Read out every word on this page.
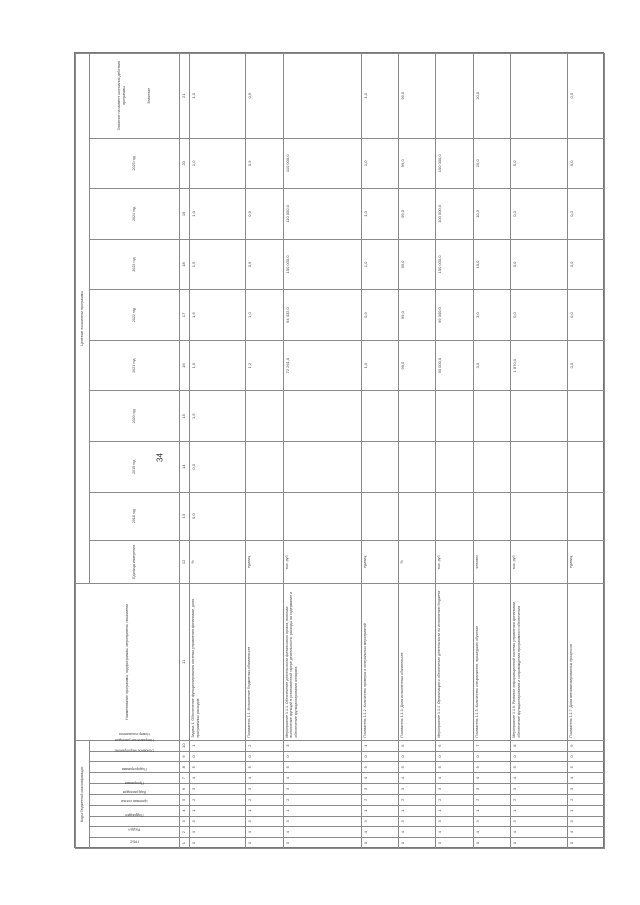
34
Коды бюджетной классификации										Наименование программы, подпрограммы, мероприятия, показатели	Целевые показатели программы									
ГРБС	Раздел	Подраздел	Целевая статья	Вид расходов	Программа	Подпрограмма	Основное мероприятие	Направление расходов	Номер показателя		Единица измерения	2018 год	2019 год	2020 год	2021 год	2022 год	2023 год	2024 год	2025 год	Значение на момент окончания действия программы Значение

1	2	3	4	5	6	7	8	9	10	11	12	13	14	15	16	17	18	19	20	21
0	4	3	1	2	3	4	5	0	1	Задача 1. Обеспечение функционирования системы управления финансами, доля программных расходов	%	0,0	0,0	1,5	1,5	1,6	1,5	1,0	1,0	1,0
0	4	3	1	2	3	4	5	0	2	Показатель 1.1. Исполнение бюджетных обязательств	единиц				1,2	1,0	0,9	0,9	0,9	0,9
0	4	3	1	2	3	4	5	0	3	Мероприятие 1.1.1. Обеспечение деятельности финансового органа, включая выполнение функций в установленной сфере деятельности; расходы на содержание и обеспечение функционирования аппарата	тыс. руб.				72 261,0	94 432,0	100 000,0	110 000,0	110 000,0	
0	4	3	1	2	3	4	5	0	4	Показатель 1.1.2. Количество проверок и контрольных мероприятий	единиц				1,0	0,9	1,0	1,0	1,0	1,0
0	4	3	1	2	3	4	5	0	5	Показатель 1.1.3. Доля исполненных обязательств	%				99,0	99,0	99,0	99,0	99,0	99,0
0	4	3	1	2	3	4	5	0	6	Мероприятие 1.1.4. Организация и обеспечение деятельности по исполнению бюджета	тыс. руб.				90 000,0	99 000,0	100 000,0	100 000,0	100 000,0	
0	4	3	1	2	3	4	5	0	7	Показатель 1.1.5. Количество специалистов, прошедших обучение	человек				3,0	3,0	10,0	10,0	20,0	20,0
0	4	3	1	2	3	4	5	0	8	Мероприятие 1.1.6. Развитие информационной системы управления финансами, обеспечение функционирования и сопровождения программного обеспечения	тыс. руб.				1 870,0	0,0	0,0	0,0	0,0	
0	4	3	1	2	3	4	5	0	9	Показатель 1.1.7. Доля автоматизированных процессов	единиц				0,0	0,0	0,0	0,0	0,0	0,0
